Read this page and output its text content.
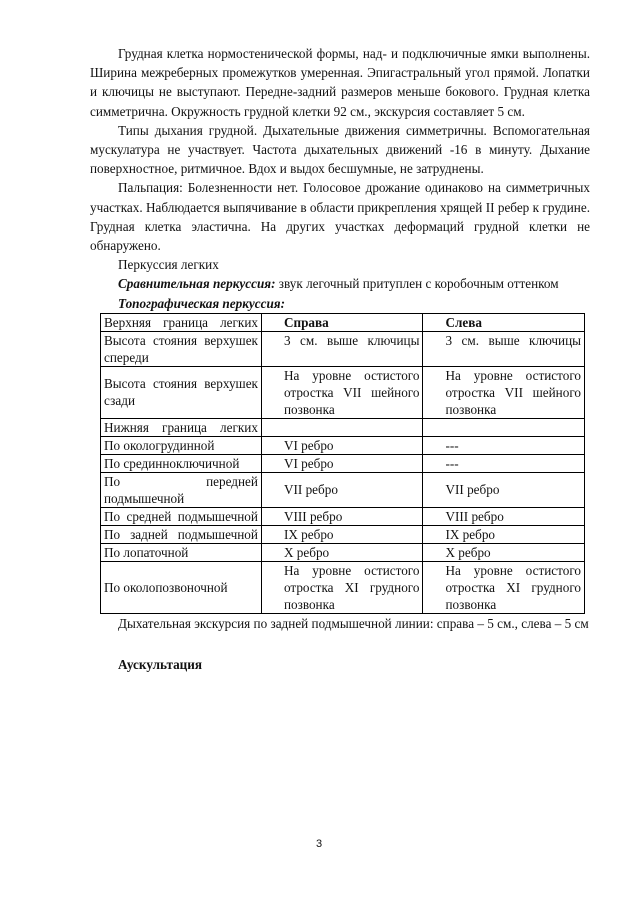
Грудная клетка нормостенической формы, над- и подключичные ямки выполнены. Ширина межреберных промежутков умеренная. Эпигастральный угол прямой. Лопатки и ключицы не выступают. Передне-задний размеров меньше бокового. Грудная клетка симметрична. Окружность грудной клетки 92 см., экскурсия составляет 5 см.

Типы дыхания грудной. Дыхательные движения симметричны. Вспомогательная мускулатура не участвует. Частота дыхательных движений -16 в минуту. Дыхание поверхностное, ритмичное. Вдох и выдох бесшумные, не затруднены.

Пальпация: Болезненности нет. Голосовое дрожание одинаково на симметричных участках. Наблюдается выпячивание в области прикрепления хрящей II ребер к грудине. Грудная клетка эластична. На других участках деформаций грудной клетки не обнаружено.

Перкуссия легких

Сравнительная перкуссия: звук легочный притуплен с коробочным оттенком

Топографическая перкуссия:

Верхняя граница легких	Справа	Слева
Высота стояния верхушек спереди	3 см. выше ключицы	3 см. выше ключицы
Высота стояния верхушек сзади	На уровне остистого отростка VII шейного позвонка	На уровне остистого отростка VII шейного позвонка
Нижняя граница легких		
По окологрудинной	VI ребро	---
По срединноключичной	VI ребро	---
По передней подмышечной	VII ребро	VII ребро
По средней подмышечной	VIII ребро	VIII ребро
По задней подмышечной	IX ребро	IX ребро
По лопаточной	X ребро	X ребро
По околопозвоночной	На уровне остистого отростка XI грудного позвонка	На уровне остистого отростка XI грудного позвонка

Дыхательная экскурсия по задней подмышечной линии: справа – 5 см., слева – 5 см

Аускультация

3
